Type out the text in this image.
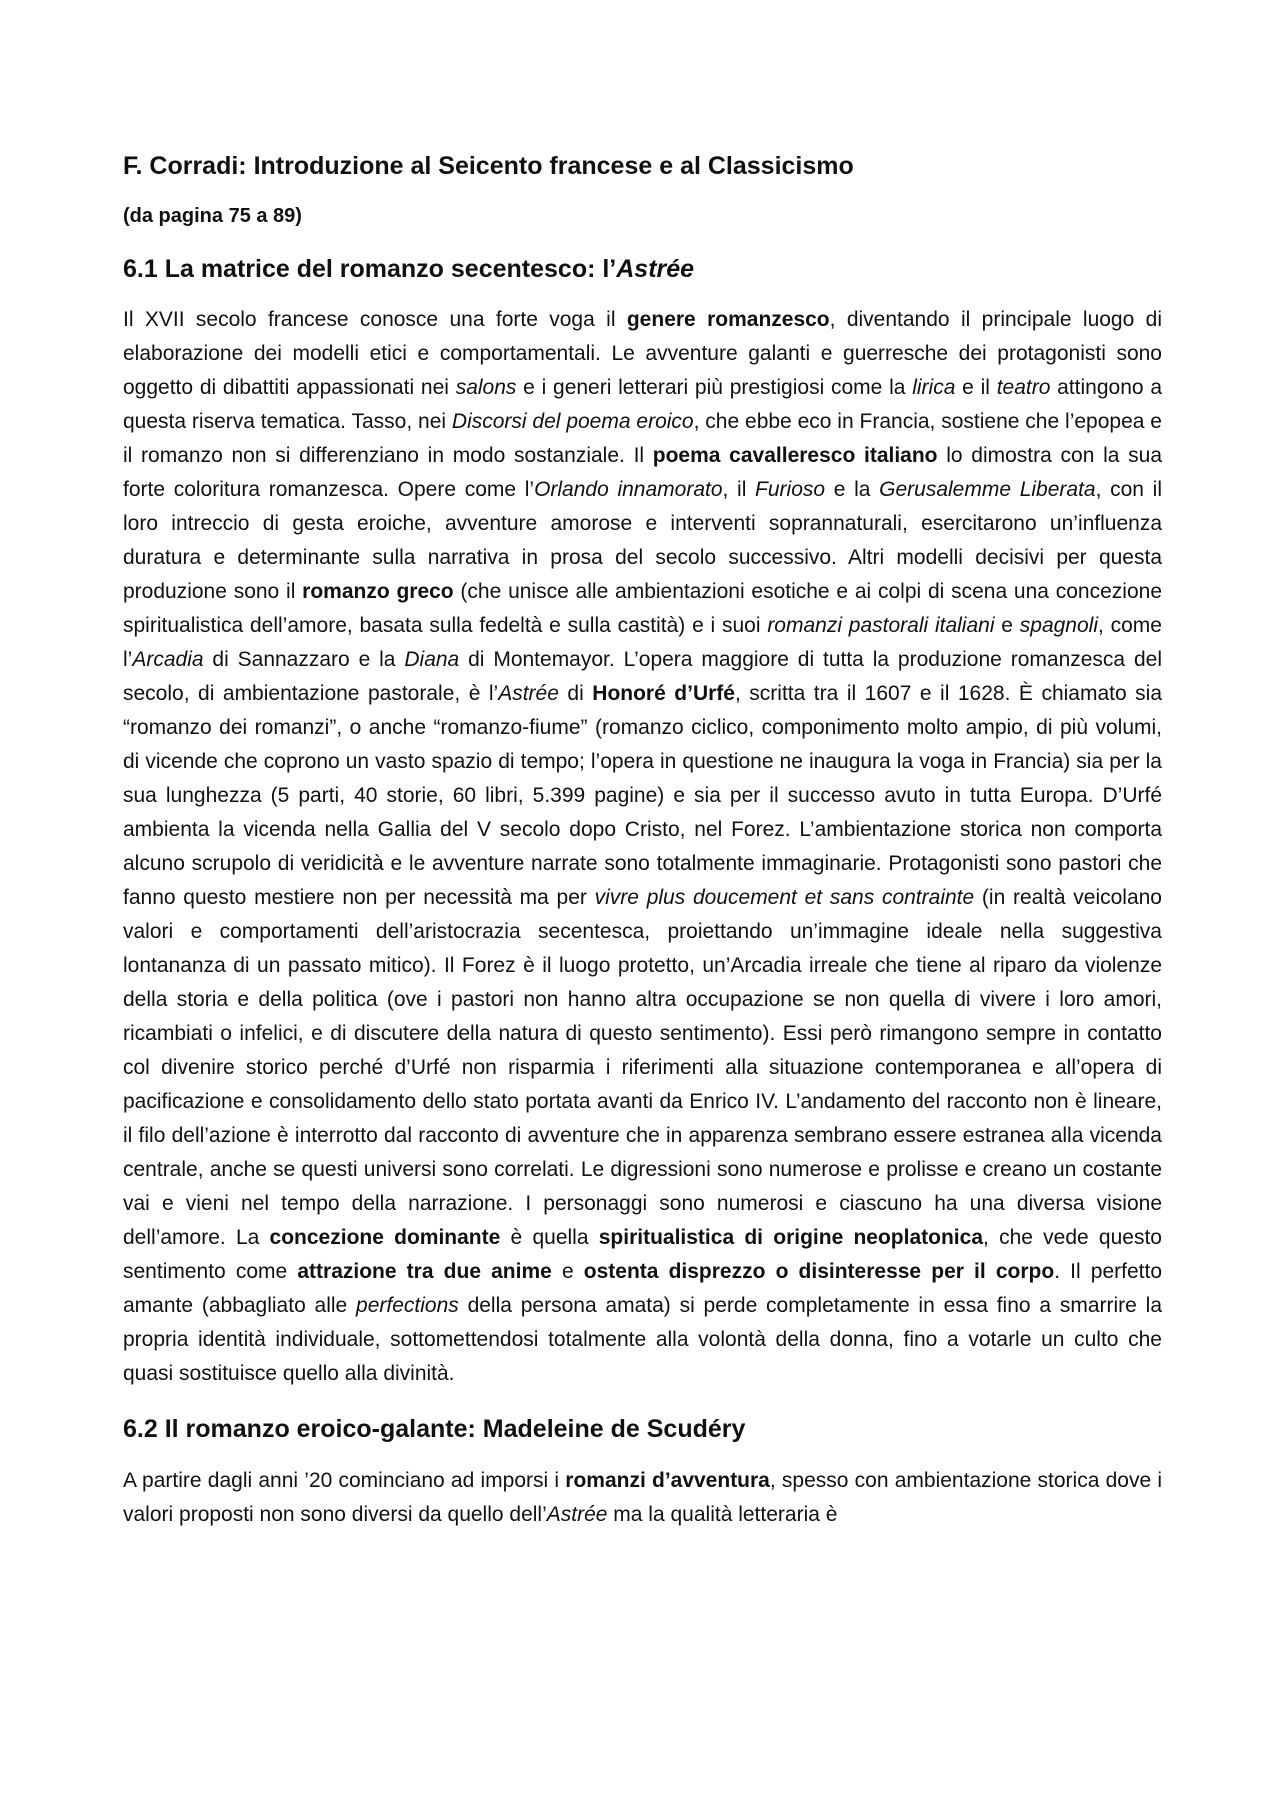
F. Corradi: Introduzione al Seicento francese e al Classicismo
(da pagina 75 a 89)
6.1 La matrice del romanzo secentesco: l’Astrée

Il XVII secolo francese conosce una forte voga il genere romanzesco, diventando il principale luogo di elaborazione dei modelli etici e comportamentali. Le avventure galanti e guerresche dei protagonisti sono oggetto di dibattiti appassionati nei salons e i generi letterari più prestigiosi come la lirica e il teatro attingono a questa riserva tematica. Tasso, nei Discorsi del poema eroico, che ebbe eco in Francia, sostiene che l’epopea e il romanzo non si differenziano in modo sostanziale. Il poema cavalleresco italiano lo dimostra con la sua forte coloritura romanzesca. Opere come l’Orlando innamorato, il Furioso e la Gerusalemme Liberata, con il loro intreccio di gesta eroiche, avventure amorose e interventi soprannaturali, esercitarono un’influenza duratura e determinante sulla narrativa in prosa del secolo successivo. Altri modelli decisivi per questa produzione sono il romanzo greco (che unisce alle ambientazioni esotiche e ai colpi di scena una concezione spiritualistica dell’amore, basata sulla fedeltà e sulla castità) e i suoi romanzi pastorali italiani e spagnoli, come l’Arcadia di Sannazzaro e la Diana di Montemayor. L’opera maggiore di tutta la produzione romanzesca del secolo, di ambientazione pastorale, è l’Astrée di Honoré d’Urfé, scritta tra il 1607 e il 1628. È chiamato sia “romanzo dei romanzi”, o anche “romanzo-fiume” (romanzo ciclico, componimento molto ampio, di più volumi, di vicende che coprono un vasto spazio di tempo; l’opera in questione ne inaugura la voga in Francia) sia per la sua lunghezza (5 parti, 40 storie, 60 libri, 5.399 pagine) e sia per il successo avuto in tutta Europa. D’Urfé ambienta la vicenda nella Gallia del V secolo dopo Cristo, nel Forez. L’ambientazione storica non comporta alcuno scrupolo di veridicità e le avventure narrate sono totalmente immaginarie. Protagonisti sono pastori che fanno questo mestiere non per necessità ma per vivre plus doucement et sans contrainte (in realtà veicolano valori e comportamenti dell’aristocrazia secentesca, proiettando un’immagine ideale nella suggestiva lontananza di un passato mitico). Il Forez è il luogo protetto, un’Arcadia irreale che tiene al riparo da violenze della storia e della politica (ove i pastori non hanno altra occupazione se non quella di vivere i loro amori, ricambiati o infelici, e di discutere della natura di questo sentimento). Essi però rimangono sempre in contatto col divenire storico perché d’Urfé non risparmia i riferimenti alla situazione contemporanea e all’opera di pacificazione e consolidamento dello stato portata avanti da Enrico IV. L’andamento del racconto non è lineare, il filo dell’azione è interrotto dal racconto di avventure che in apparenza sembrano essere estranea alla vicenda centrale, anche se questi universi sono correlati. Le digressioni sono numerose e prolisse e creano un costante vai e vieni nel tempo della narrazione. I personaggi sono numerosi e ciascuno ha una diversa visione dell’amore. La concezione dominante è quella spiritualistica di origine neoplatonica, che vede questo sentimento come attrazione tra due anime e ostenta disprezzo o disinteresse per il corpo. Il perfetto amante (abbagliato alle perfections della persona amata) si perde completamente in essa fino a smarrire la propria identità individuale, sottomettendosi totalmente alla volontà della donna, fino a votarle un culto che quasi sostituisce quello alla divinità.

6.2 Il romanzo eroico-galante: Madeleine de Scudéry

A partire dagli anni ’20 cominciano ad imporsi i romanzi d’avventura, spesso con ambientazione storica dove i valori proposti non sono diversi da quello dell’Astrée ma la qualità letteraria è
